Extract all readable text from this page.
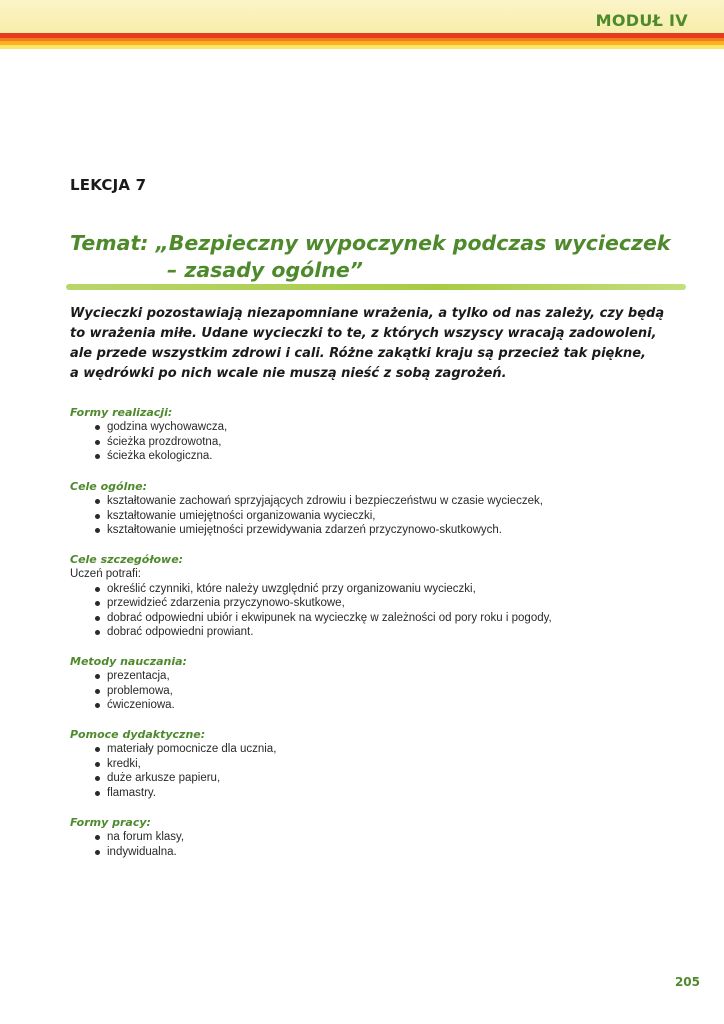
MODUŁ IV
LEKCJA 7
Temat: „Bezpieczny wypoczynek podczas wycieczek
– zasady ogólne”
Wycieczki pozostawiają niezapomniane wrażenia, a tylko od nas zależy, czy będą
to wrażenia miłe. Udane wycieczki to te, z których wszyscy wracają zadowoleni,
ale przede wszystkim zdrowi i cali. Różne zakątki kraju są przecież tak piękne,
a wędrówki po nich wcale nie muszą nieść z sobą zagrożeń.
Formy realizacji:
godzina wychowawcza,
ścieżka prozdrowotna,
ścieżka ekologiczna.
Cele ogólne:
kształtowanie zachowań sprzyjających zdrowiu i bezpieczeństwu w czasie wycieczek,
kształtowanie umiejętności organizowania wycieczki,
kształtowanie umiejętności przewidywania zdarzeń przyczynowo-skutkowych.
Cele szczegółowe:
Uczeń potrafi:
określić czynniki, które należy uwzględnić przy organizowaniu wycieczki,
przewidzieć zdarzenia przyczynowo-skutkowe,
dobrać odpowiedni ubiór i ekwipunek na wycieczkę w zależności od pory roku i pogody,
dobrać odpowiedni prowiant.
Metody nauczania:
prezentacja,
problemowa,
ćwiczeniowa.
Pomoce dydaktyczne:
materiały pomocnicze dla ucznia,
kredki,
duże arkusze papieru,
flamastry.
Formy pracy:
na forum klasy,
indywidualna.
205
